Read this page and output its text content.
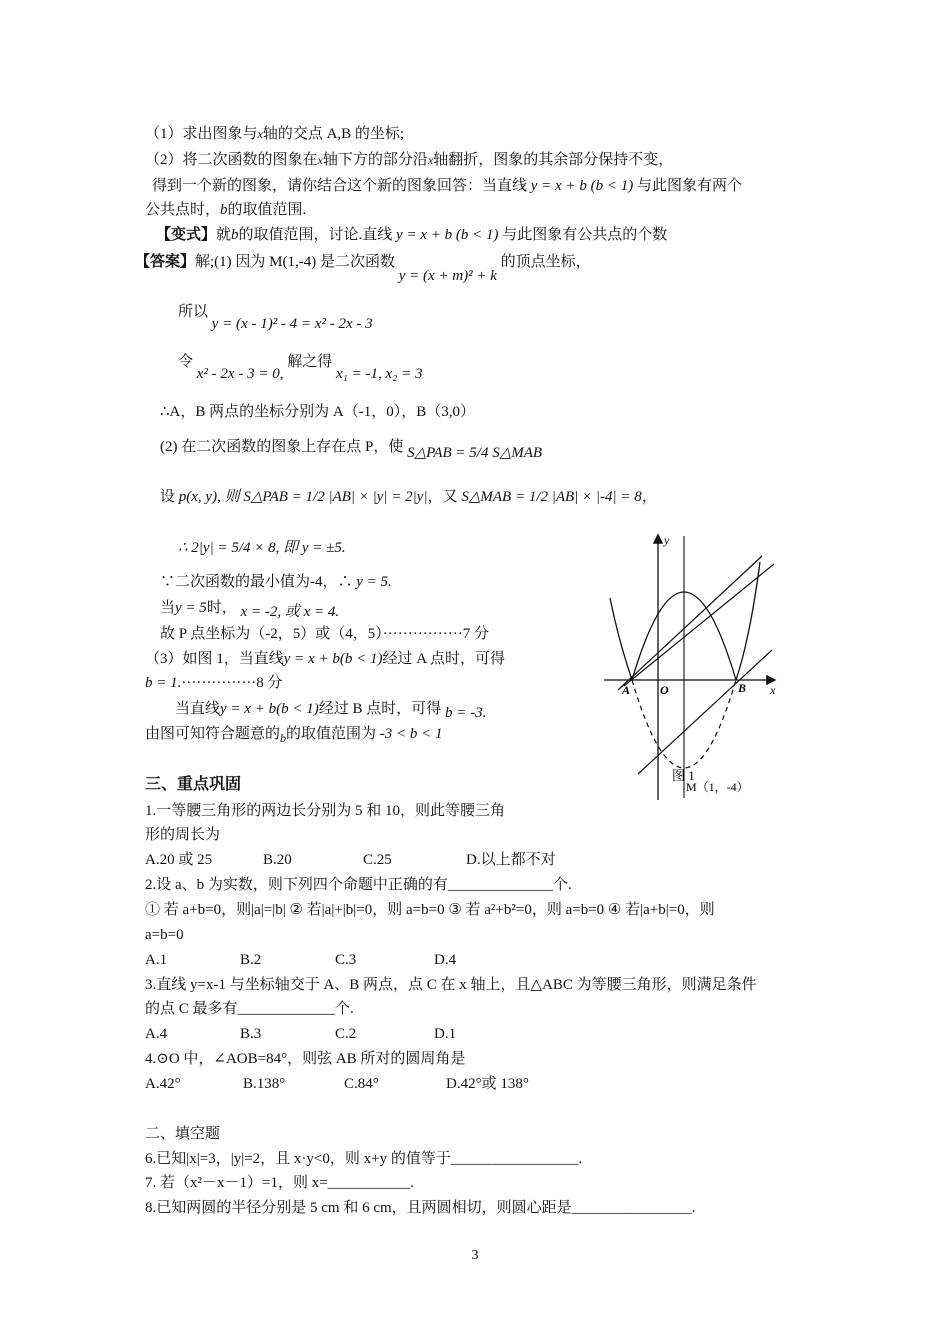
（1）求出图象与x轴的交点 A,B 的坐标;
（2）将二次函数的图象在x轴下方的部分沿x轴翻折，图象的其余部分保持不变，
得到一个新的图象，请你结合这个新的图象回答：当直线 y = x + b (b < 1) 与此图象有两个
公共点时，b的取值范围.
【变式】就b的取值范围，讨论.直线 y = x + b (b < 1) 与此图象有公共点的个数
【答案】解;(1) 因为 M(1,-4) 是二次函数 y = (x + m)² + k 的顶点坐标，
所以 y = (x - 1)² - 4 = x² - 2x - 3
令 x² - 2x - 3 = 0, 解之得 x₁ = -1, x₂ = 3
∴A，B 两点的坐标分别为 A（-1，0），B（3,0）
(2) 在二次函数的图象上存在点 P，使 S△PAB = 5/4 S△MAB
设 p(x, y), 则 S△PAB = 1/2 |AB| × |y| = 2|y|，又 S△MAB = 1/2 |AB| × |-4| = 8，
∴ 2|y| = 5/4 × 8, 即 y = ±5.
∵二次函数的最小值为-4，∴ y = 5.
当y = 5时， x = -2, 或 x = 4.
故 P 点坐标为（-2，5）或（4，5）················7 分
（3）如图 1，当直线y = x + b(b < 1)经过 A 点时，可得
b = 1.···············8 分
当直线y = x + b(b < 1)经过 B 点时，可得 b = -3.
由图可知符合题意的$_b$的取值范围为 -3 < b < 1
y
x
A O	B
图 1
M（1，-4）
三、重点巩固
1.一等腰三角形的两边长分别为 5 和 10，则此等腰三角
形的周长为
A.20 或 25	B.20	C.25	D.以上都不对
2.设 a、b 为实数，则下列四个命题中正确的有______________个.
① 若 a+b=0，则|a|=|b| ② 若|a|+|b|=0，则 a=b=0 ③ 若 a²+b²=0，则 a=b=0 ④ 若|a+b|=0，则
a=b=0
A.1	B.2	C.3	D.4
3.直线 y=x-1 与坐标轴交于 A、B 两点，点 C 在 x 轴上，且△ABC 为等腰三角形，则满足条件
的点 C 最多有_____________个.
A.4	B.3	C.2	D.1
4.⊙O 中，∠AOB=84°，则弦 AB 所对的圆周角是
A.42°	B.138°	C.84°	D.42°或 138°
二、填空题
6.已知|x|=3，|y|=2，且 x·y<0，则 x+y 的值等于_________________.
7. 若（x²－x－1）=1，则 x=___________.
8.已知两圆的半径分别是 5 cm 和 6 cm，且两圆相切，则圆心距是________________.
3
